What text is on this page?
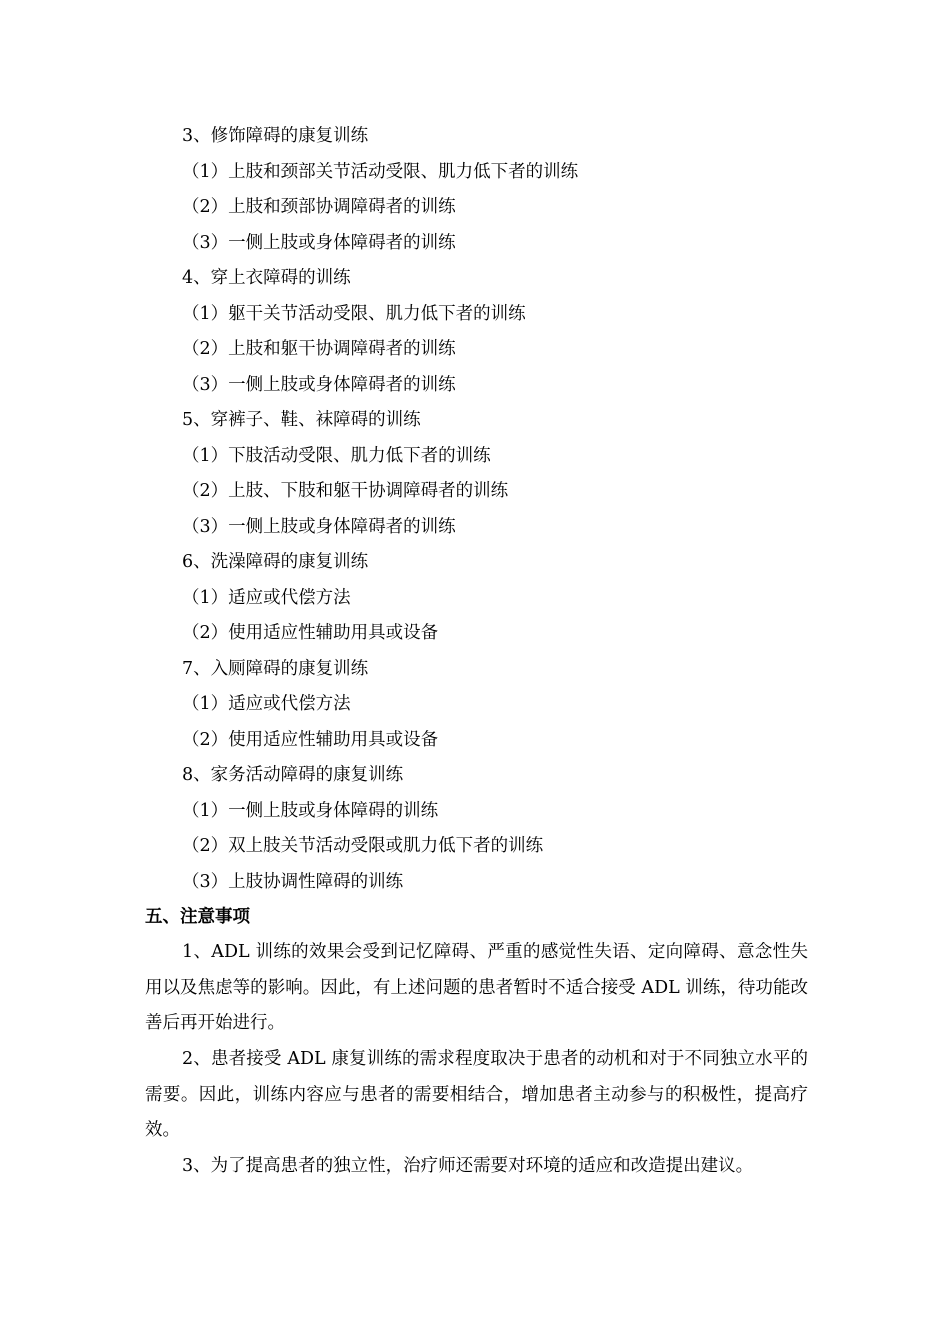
3、修饰障碍的康复训练
（1）上肢和颈部关节活动受限、肌力低下者的训练
（2）上肢和颈部协调障碍者的训练
（3）一侧上肢或身体障碍者的训练
4、穿上衣障碍的训练
（1）躯干关节活动受限、肌力低下者的训练
（2）上肢和躯干协调障碍者的训练
（3）一侧上肢或身体障碍者的训练
5、穿裤子、鞋、袜障碍的训练
（1）下肢活动受限、肌力低下者的训练
（2）上肢、下肢和躯干协调障碍者的训练
（3）一侧上肢或身体障碍者的训练
6、洗澡障碍的康复训练
（1）适应或代偿方法
（2）使用适应性辅助用具或设备
7、入厕障碍的康复训练
（1）适应或代偿方法
（2）使用适应性辅助用具或设备
8、家务活动障碍的康复训练
（1）一侧上肢或身体障碍的训练
（2）双上肢关节活动受限或肌力低下者的训练
（3）上肢协调性障碍的训练
五、注意事项
1、ADL 训练的效果会受到记忆障碍、严重的感觉性失语、定向障碍、意念性失用以及焦虑等的影响。因此，有上述问题的患者暂时不适合接受 ADL 训练，待功能改善后再开始进行。
2、患者接受 ADL 康复训练的需求程度取决于患者的动机和对于不同独立水平的需要。因此，训练内容应与患者的需要相结合，增加患者主动参与的积极性，提高疗效。
3、为了提高患者的独立性，治疗师还需要对环境的适应和改造提出建议。
